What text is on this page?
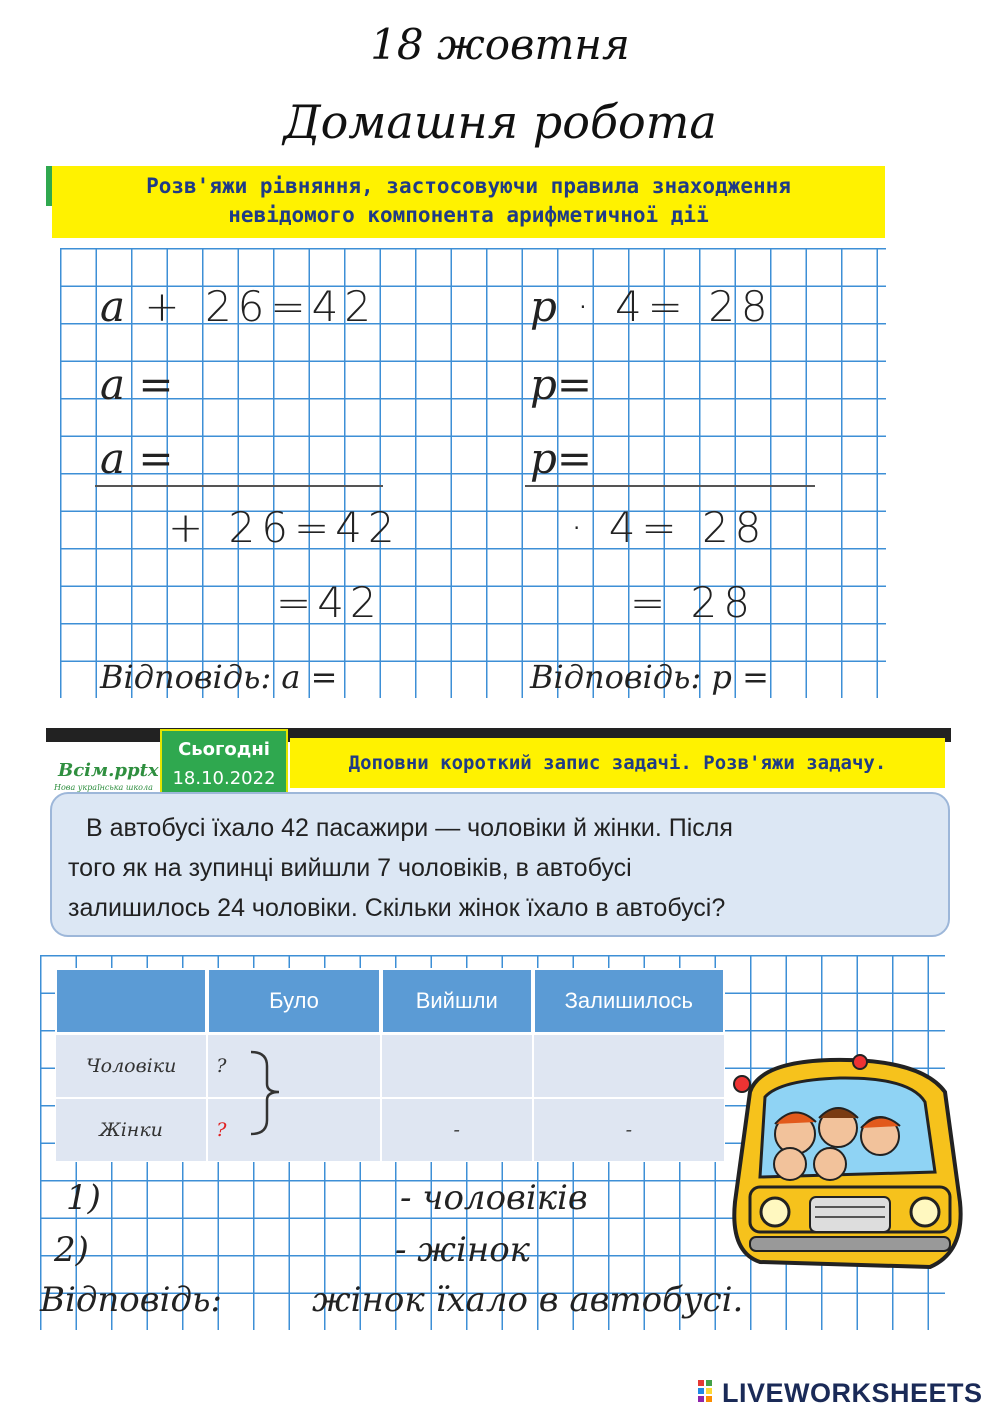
18 жовтня
Домашня робота
Розв'яжи рівняння, застосовуючи правила знаходження
невідомого компонента арифметичної дії
a + 26=42
a =
a =
+ 26=42
=42
Відповідь: a =
p · 4= 28
p=
p=
· 4= 28
= 28
Відповідь: p =
Всім.pptx
Нова українська школа
Сьогодні
18.10.2022
Доповни короткий запис задачі. Розв'яжи задачу.
В автобусі їхало 42 пасажири — чоловіки й жінки. Після
того як на зупинці вийшли 7 чоловіків, в автобусі
залишилось 24 чоловіки. Скільки жінок їхало в автобусі?
	Було	Вийшли	Залишилось
Чоловіки	?		
Жінки	?	-	-
1)	- чоловіків
2)	- жінок
Відповідь:	жінок їхало в автобусі.
LIVEWORKSHEETS
